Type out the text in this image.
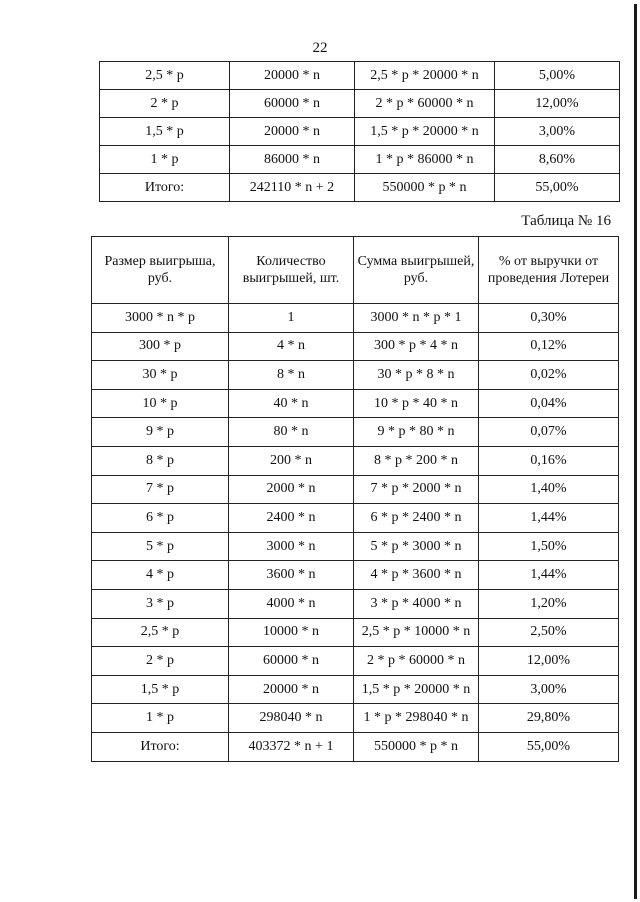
22
2,5 * p	20000 * n	2,5 * p * 20000 * n	5,00%
2 * p	60000 * n	2 * p * 60000 * n	12,00%
1,5 * p	20000 * n	1,5 * p * 20000 * n	3,00%
1 * p	86000 * n	1 * p * 86000 * n	8,60%
Итого:	242110 * n + 2	550000 * p * n	55,00%
Таблица № 16
Размер выигрыша, руб.	Количество выигрышей, шт.	Сумма выигрышей, руб.	% от выручки от проведения Лотереи
3000 * n * p	1	3000 * n * p * 1	0,30%
300 * p	4 * n	300 * p * 4 * n	0,12%
30 * p	8 * n	30 * p * 8 * n	0,02%
10 * p	40 * n	10 * p * 40 * n	0,04%
9 * p	80 * n	9 * p * 80 * n	0,07%
8 * p	200 * n	8 * p * 200 * n	0,16%
7 * p	2000 * n	7 * p * 2000 * n	1,40%
6 * p	2400 * n	6 * p * 2400 * n	1,44%
5 * p	3000 * n	5 * p * 3000 * n	1,50%
4 * p	3600 * n	4 * p * 3600 * n	1,44%
3 * p	4000 * n	3 * p * 4000 * n	1,20%
2,5 * p	10000 * n	2,5 * p * 10000 * n	2,50%
2 * p	60000 * n	2 * p * 60000 * n	12,00%
1,5 * p	20000 * n	1,5 * p * 20000 * n	3,00%
1 * p	298040 * n	1 * p * 298040 * n	29,80%
Итого:	403372 * n + 1	550000 * p * n	55,00%
